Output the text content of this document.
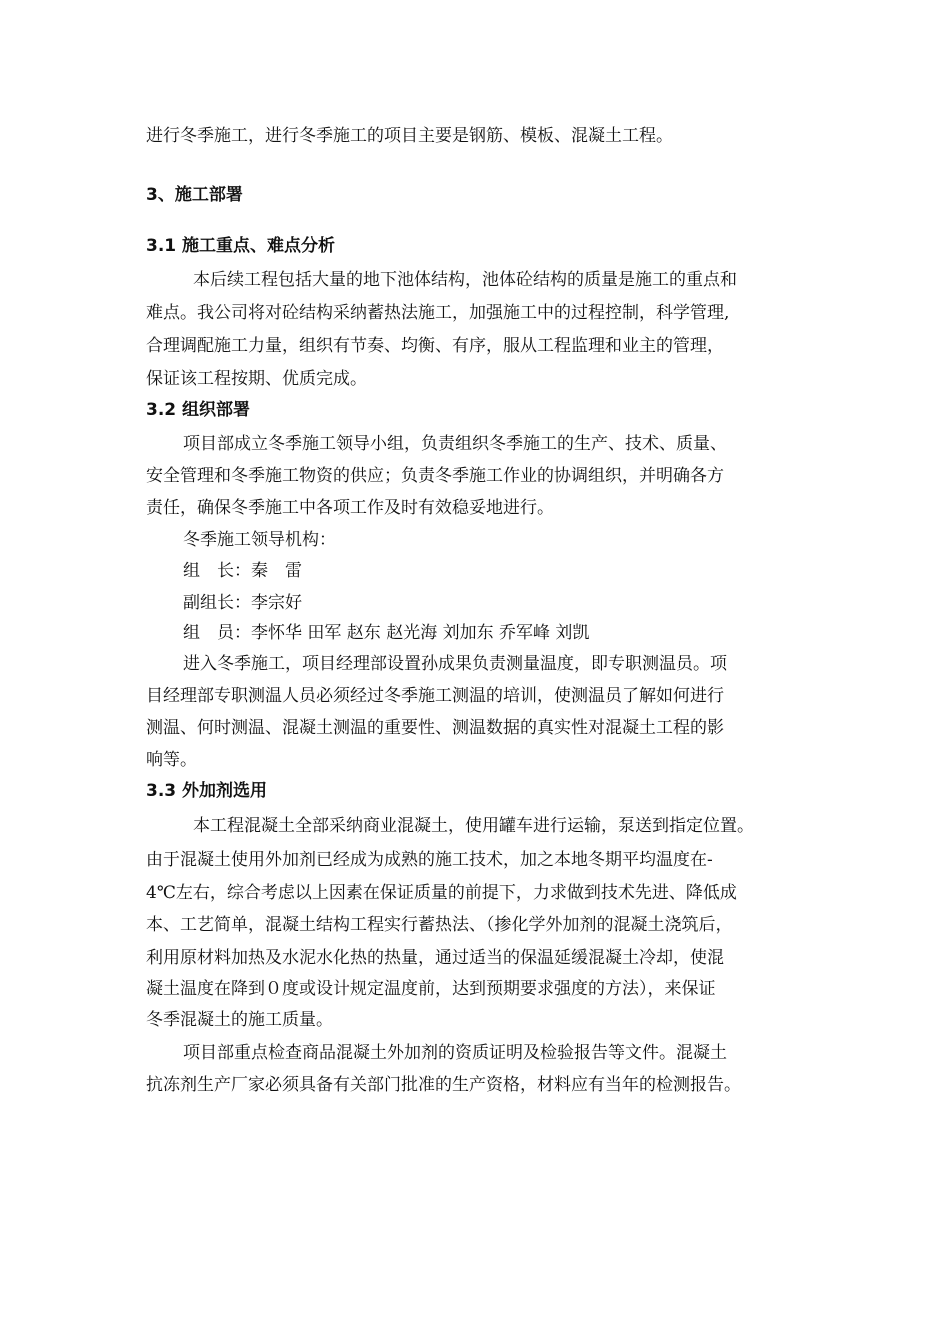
进行冬季施工，进行冬季施工的项目主要是钢筋、模板、混凝土工程。
3、施工部署
3.1 施工重点、难点分析
本后续工程包括大量的地下池体结构，池体砼结构的质量是施工的重点和
难点。我公司将对砼结构采纳蓄热法施工，加强施工中的过程控制，科学管理,
合理调配施工力量，组织有节奏、均衡、有序，服从工程监理和业主的管理，
保证该工程按期、优质完成。
3.2 组织部署
项目部成立冬季施工领导小组，负责组织冬季施工的生产、技术、质量、
安全管理和冬季施工物资的供应；负责冬季施工作业的协调组织，并明确各方
责任，确保冬季施工中各项工作及时有效稳妥地进行。
冬季施工领导机构：
组　长：秦　雷
副组长：李宗好
组　员：李怀华 田军 赵东 赵光海 刘加东 乔军峰 刘凯
进入冬季施工，项目经理部设置孙成果负责测量温度，即专职测温员。项
目经理部专职测温人员必须经过冬季施工测温的培训，使测温员了解如何进行
测温、何时测温、混凝土测温的重要性、测温数据的真实性对混凝土工程的影
响等。
3.3 外加剂选用
本工程混凝土全部采纳商业混凝土，使用罐车进行运输，泵送到指定位置。
由于混凝土使用外加剂已经成为成熟的施工技术，加之本地冬期平均温度在-
4℃左右，综合考虑以上因素在保证质量的前提下，力求做到技术先进、降低成
本、工艺简单，混凝土结构工程实行蓄热法、（掺化学外加剂的混凝土浇筑后，
利用原材料加热及水泥水化热的热量，通过适当的保温延缓混凝土冷却，使混
凝土温度在降到０度或设计规定温度前，达到预期要求强度的方法），来保证
冬季混凝土的施工质量。
项目部重点检查商品混凝土外加剂的资质证明及检验报告等文件。混凝土
抗冻剂生产厂家必须具备有关部门批准的生产资格，材料应有当年的检测报告。
